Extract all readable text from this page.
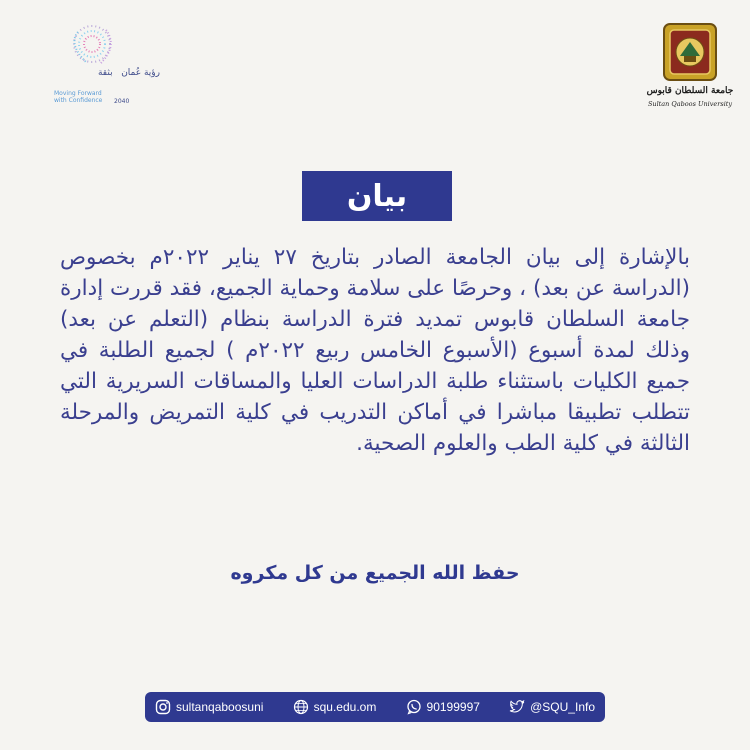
رؤية عُمان   بثقة
Moving Forward
with Confidence 2040
جامعة السلطان قابوس
Sultan Qaboos University
بيان
بالإشارة إلى بيان الجامعة الصادر بتاريخ ٢٧ يناير ٢٠٢٢م بخصوص (الدراسة عن بعد) ، وحرصًا على سلامة وحماية الجميع، فقد قررت إدارة جامعة السلطان قابوس تمديد فترة الدراسة بنظام (التعلم عن بعد) وذلك لمدة أسبوع (الأسبوع الخامس ربيع ٢٠٢٢م ) لجميع الطلبة في جميع الكليات باستثناء طلبة الدراسات العليا والمساقات السريرية التي تتطلب تطبيقا مباشرا في أماكن التدريب في كلية التمريض والمرحلة الثالثة في كلية الطب والعلوم الصحية.
حفظ الله الجميع من كل مكروه
sultanqaboosuni	squ.edu.om	90199997	@SQU_Info
